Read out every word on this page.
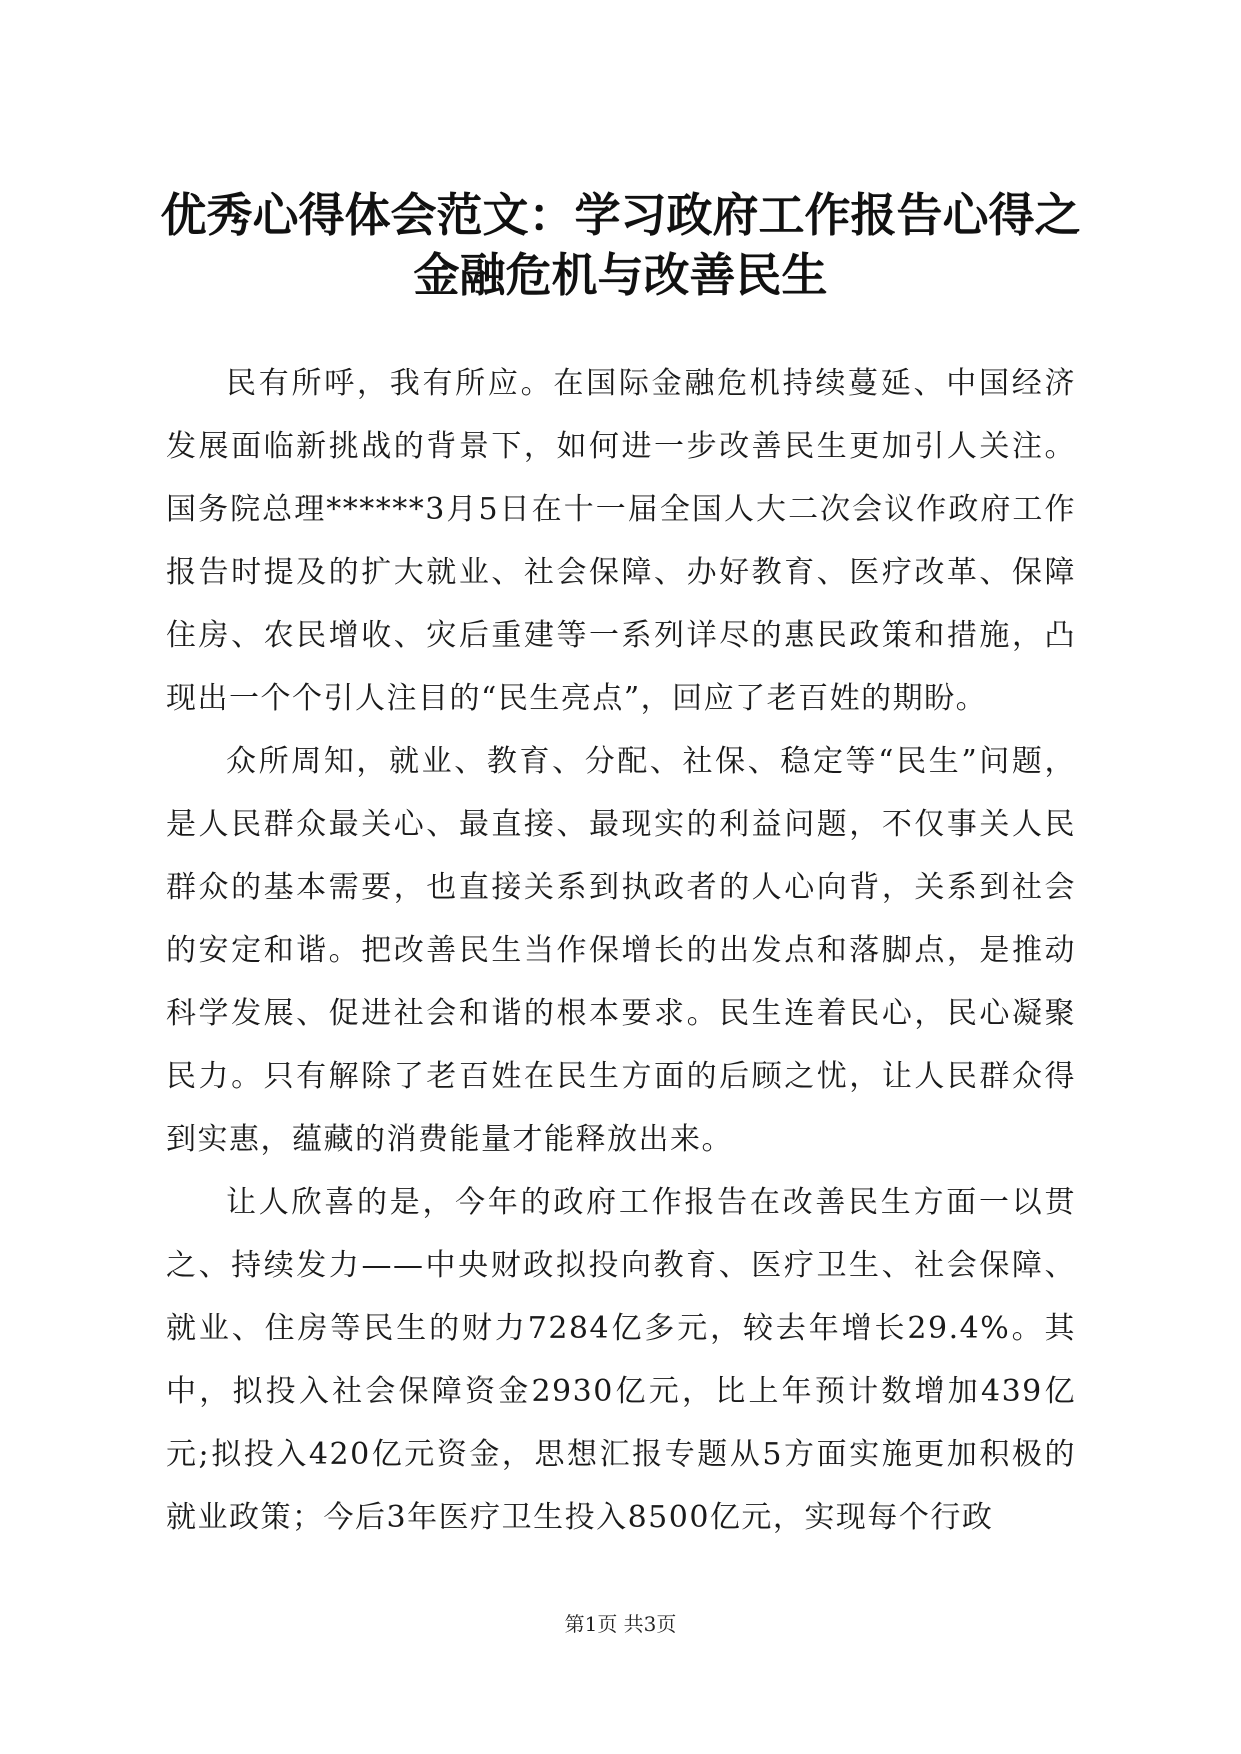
优秀心得体会范文：学习政府工作报告心得之
金融危机与改善民生

民有所呼，我有所应。在国际金融危机持续蔓延、中国经济发展面临新挑战的背景下，如何进一步改善民生更加引人关注。国务院总理******3月5日在十一届全国人大二次会议作政府工作报告时提及的扩大就业、社会保障、办好教育、医疗改革、保障住房、农民增收、灾后重建等一系列详尽的惠民政策和措施，凸现出一个个引人注目的“民生亮点”，回应了老百姓的期盼。

众所周知，就业、教育、分配、社保、稳定等“民生”问题，是人民群众最关心、最直接、最现实的利益问题，不仅事关人民群众的基本需要，也直接关系到执政者的人心向背，关系到社会的安定和谐。把改善民生当作保增长的出发点和落脚点，是推动科学发展、促进社会和谐的根本要求。民生连着民心，民心凝聚民力。只有解除了老百姓在民生方面的后顾之忧，让人民群众得到实惠，蕴藏的消费能量才能释放出来。

让人欣喜的是，今年的政府工作报告在改善民生方面一以贯之、持续发力——中央财政拟投向教育、医疗卫生、社会保障、就业、住房等民生的财力7284亿多元，较去年增长29.4%。其中，拟投入社会保障资金2930亿元，比上年预计数增加439亿元;拟投入420亿元资金，思想汇报专题从5方面实施更加积极的就业政策；今后3年医疗卫生投入8500亿元，实现每个行政

第1页 共3页
